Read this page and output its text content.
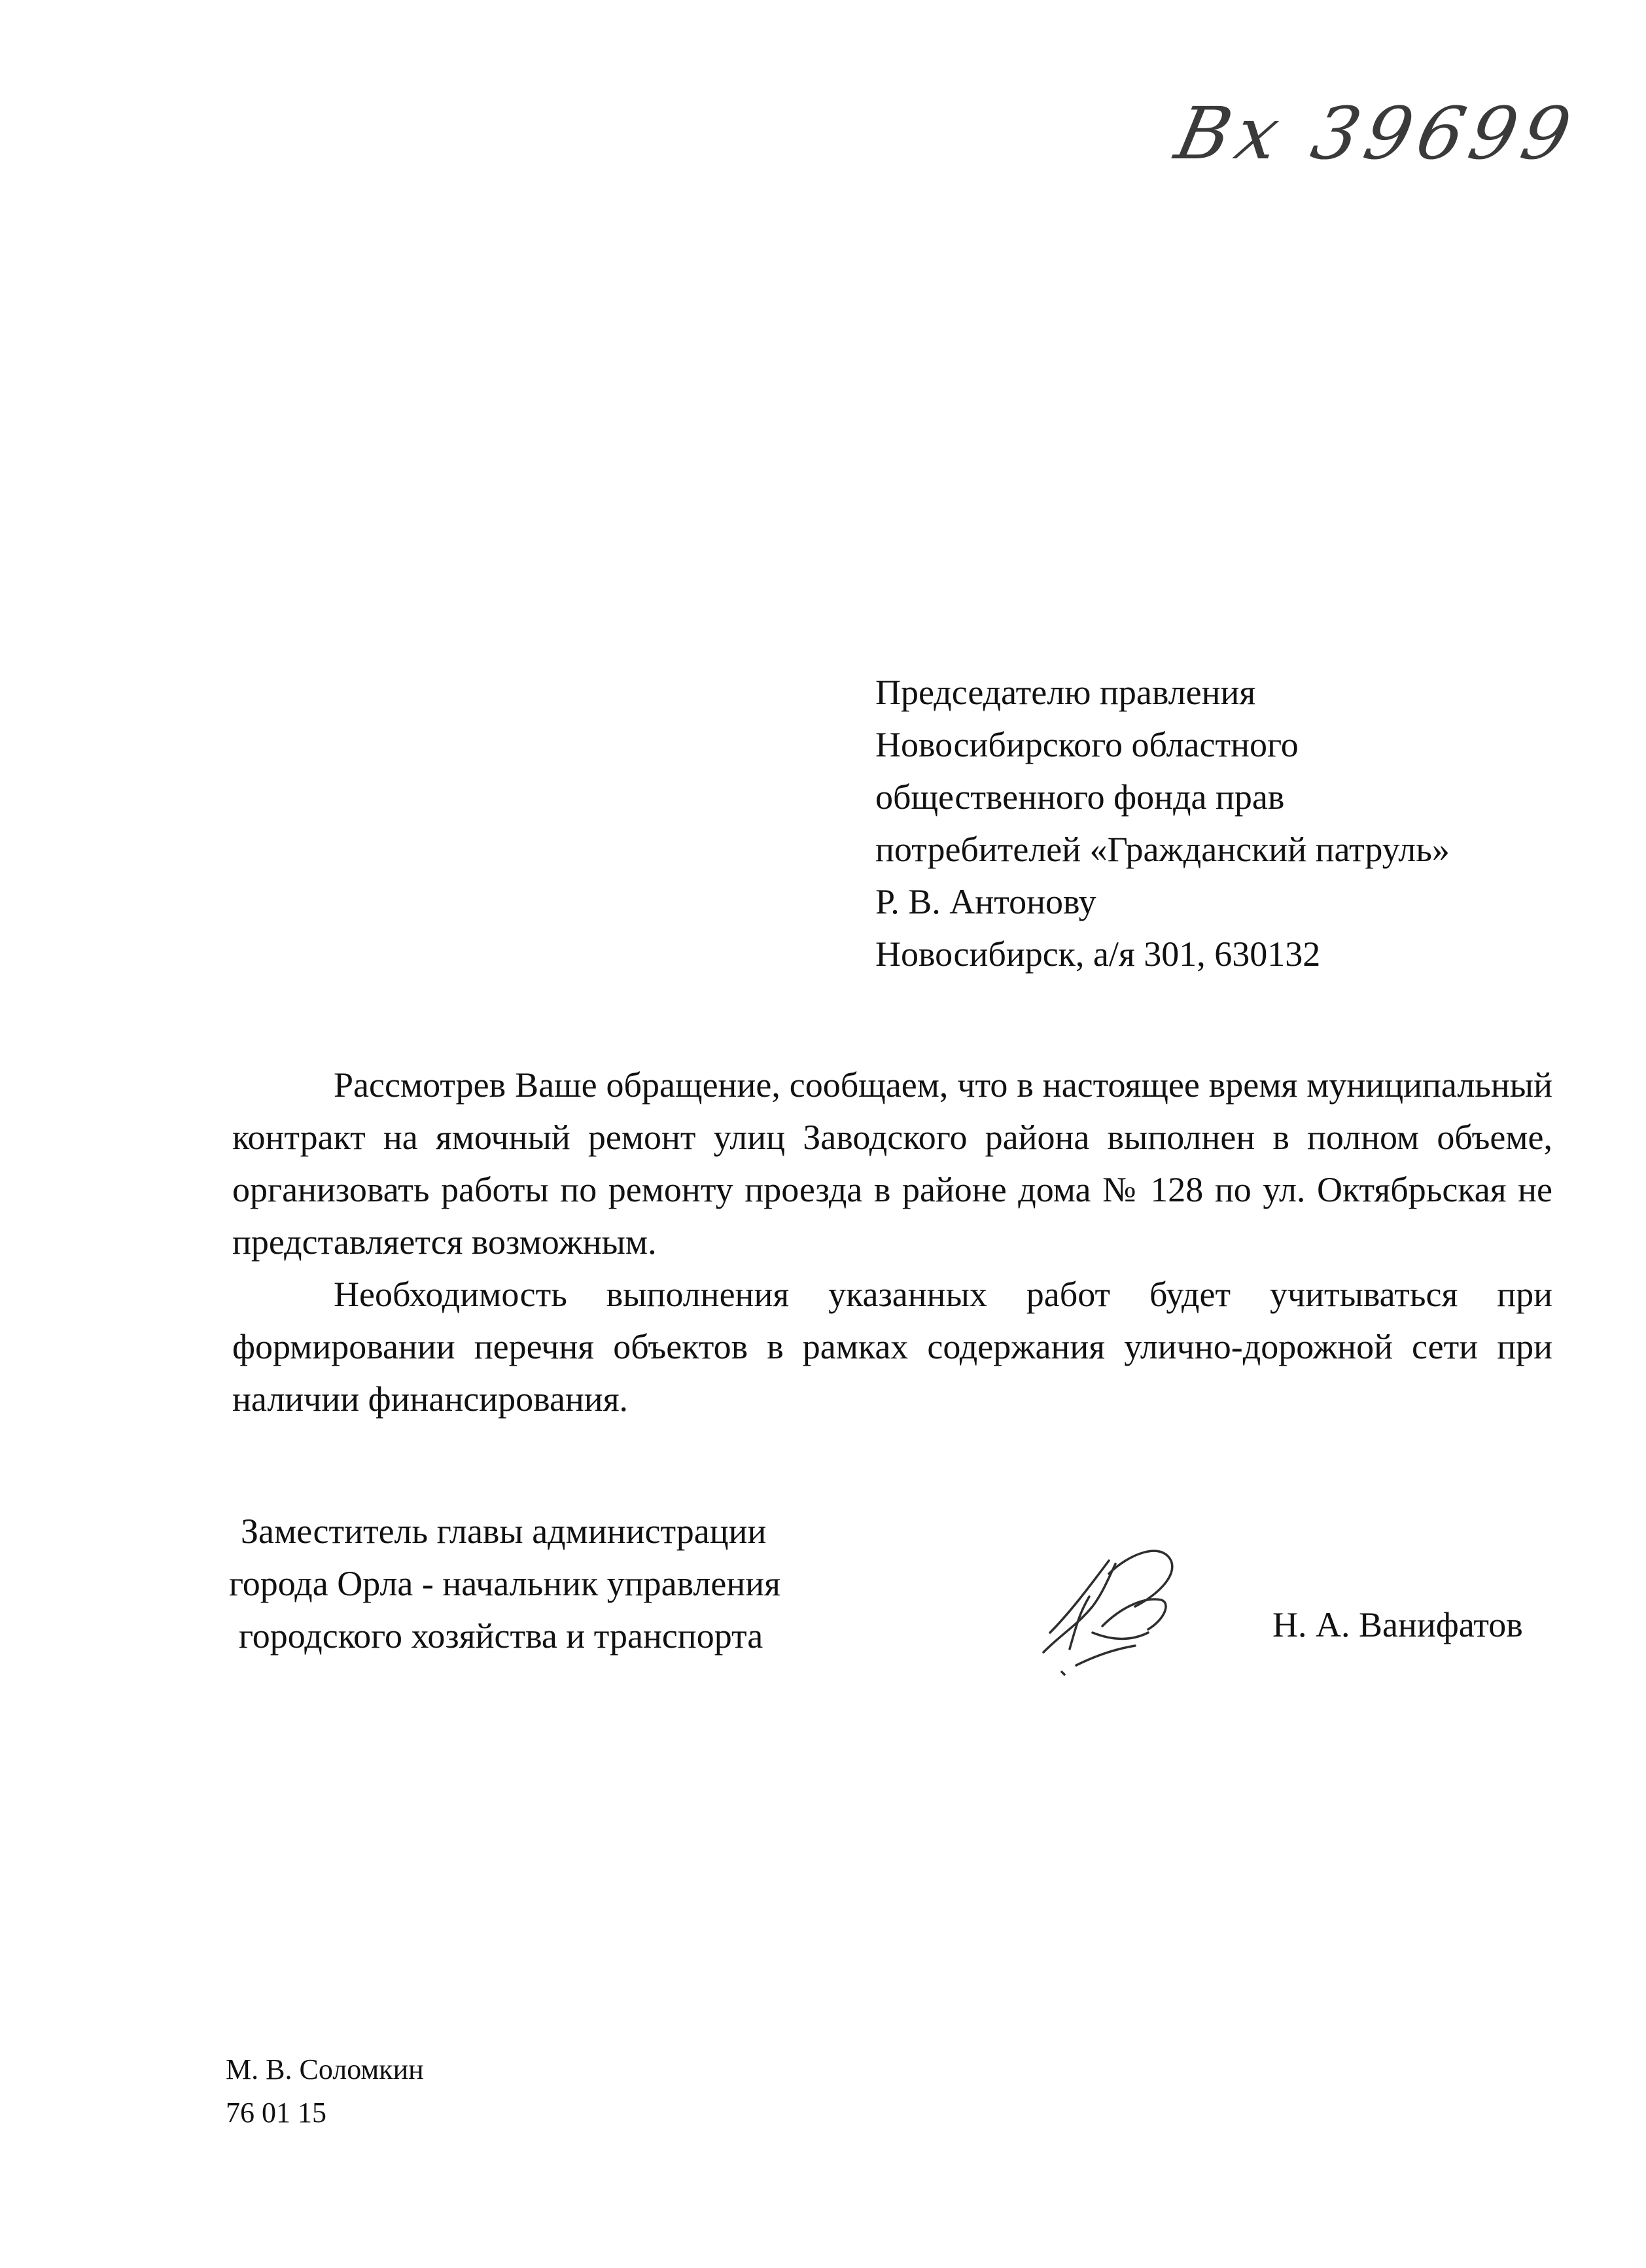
Вх 39699
Председателю правления
Новосибирского областного
общественного фонда прав
потребителей «Гражданский патруль»
Р. В. Антонову
Новосибирск, а/я 301, 630132

Рассмотрев Ваше обращение, сообщаем, что в настоящее время муниципальный контракт на ямочный ремонт улиц Заводского района выполнен в полном объеме, организовать работы по ремонту проезда в районе дома № 128 по ул. Октябрьская не представляется возможным.

Необходимость выполнения указанных работ будет учитываться при формировании перечня объектов в рамках содержания улично-дорожной сети при наличии финансирования.

Заместитель главы администрации
города Орла - начальник управления
городского хозяйства и транспорта	Н. А. Ванифатов
М. В. Соломкин
76 01 15
